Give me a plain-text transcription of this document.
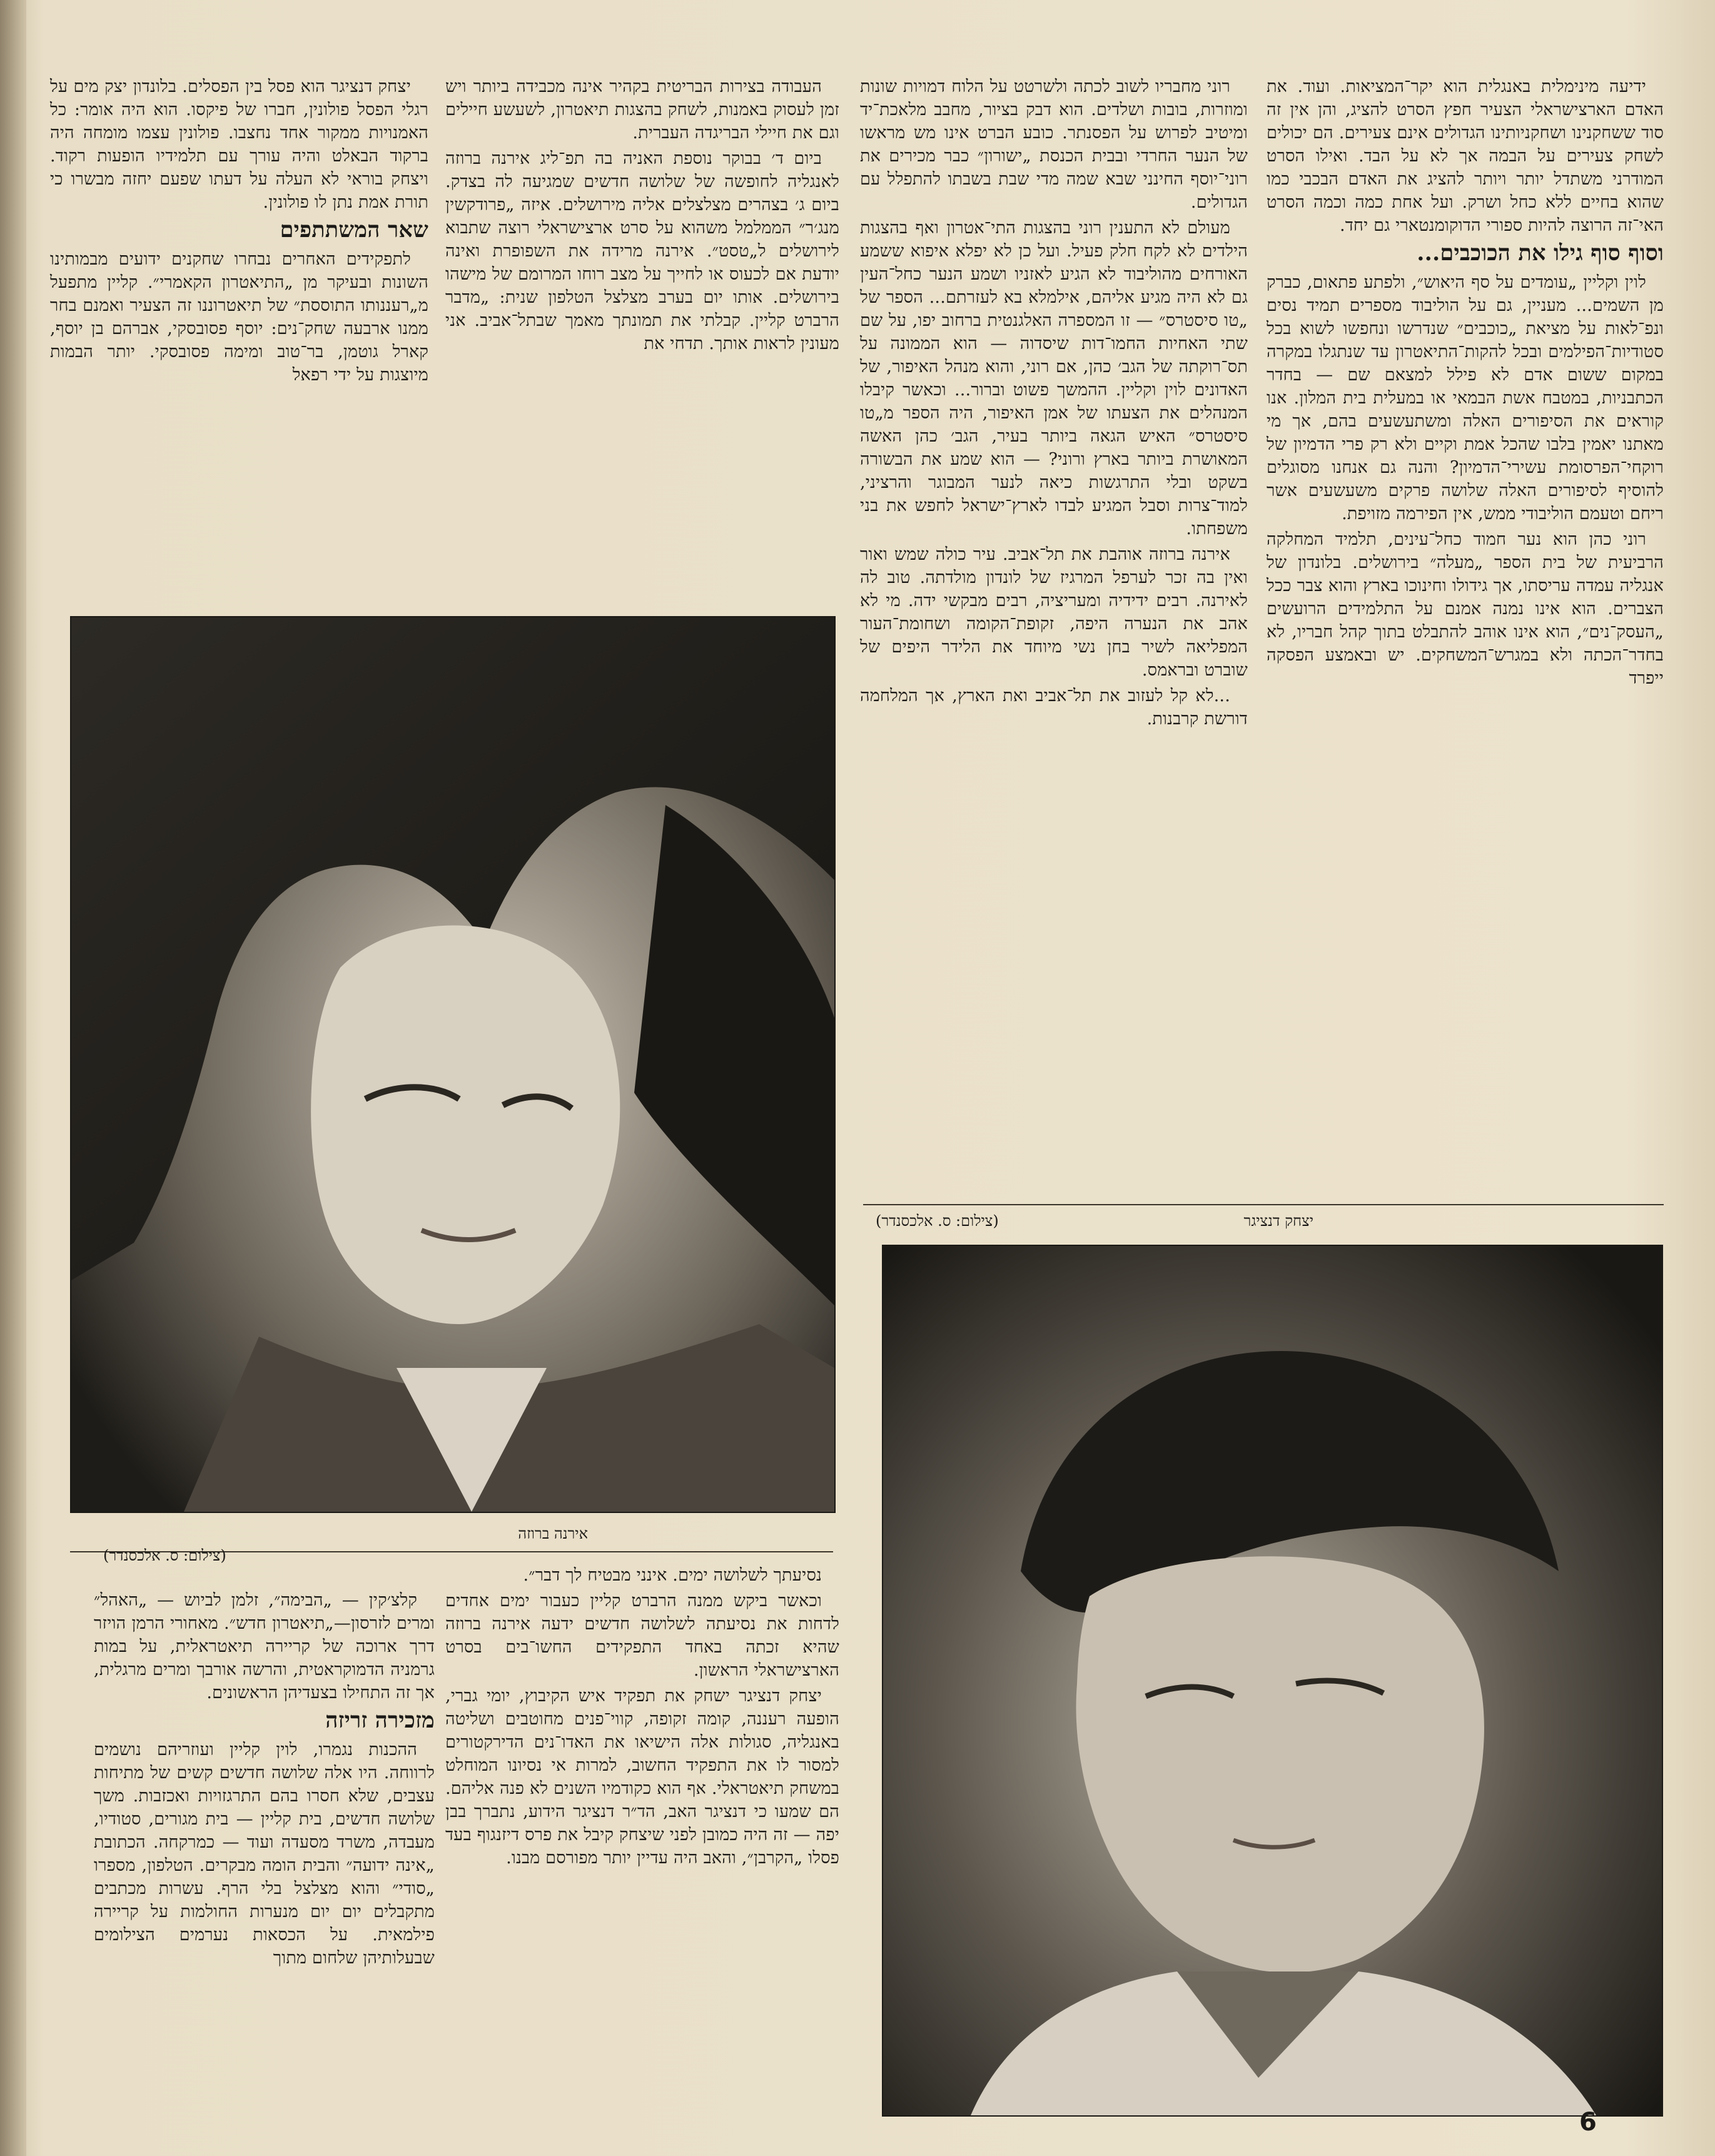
ידיעה מינימלית באנגלית הוא יקר־המציאות. ועוד. את האדם הארצישראלי הצעיר חפץ הסרט להציג, והן אין זה סוד ששחקנינו ושחקניותינו הגדולים אינם צעירים. הם יכולים לשחק צעירים על הבמה אך לא על הבד. ואילו הסרט המודרני משתדל יותר ויותר להציג את האדם הבכבי כמו שהוא בחיים ללא כחל ושרק. ועל אחת כמה וכמה הסרט האי־זה הרוצה להיות ספורי הדוקומנטארי גם יחד.

וסוף סוף גילו את הכוכבים...

לוין וקליין „עומדים על סף היאוש״, ולפתע פתאום, כברק מן השמים... מעניין, גם על הוליבוד מספרים תמיד נסים ונפ־לאות על מציאת „כוכבים״ שנדרשו ונחפשו לשוא בכל סטודיות־הפילמים ובכל להקות־התיאטרון עד שנתגלו במקרה במקום ששום אדם לא פילל למצאם שם — בחדר הכתבניות, במטבח אשת הבמאי או במעלית בית המלון. אנו קוראים את הסיפורים האלה ומשתעשעים בהם, אך מי מאתנו יאמין בלבו שהכל אמת וקיים ולא רק פרי הדמיון של רוקחי־הפרסומת עשירי־הדמיון? והנה גם אנחנו מסוגלים להוסיף לסיפורים האלה שלושה פרקים משעשעים אשר ריחם וטעמם הוליבודי ממש, אין הפירמה מזויפת.

רוני כהן הוא נער חמוד כחל־עינים, תלמיד המחלקה הרביעית של בית הספר „מעלה״ בירושלים. בלונדון של אנגליה עמדה עריסתו, אך גידולו וחינוכו בארץ והוא צבר ככל הצברים. הוא אינו נמנה אמנם על התלמידים הרועשים „העסק־נים״, הוא אינו אוהב להתבלט בתוך קהל חבריו, לא בחדר־הכתה ולא במגרש־המשחקים. יש ובאמצע הפסקה ייפרד

רוני מחבריו לשוב לכתה ולשרטט על הלוח דמויות שונות ומוזרות, בובות ושלדים. הוא דבק בציור, מחבב מלאכת־יד ומיטיב לפרוש על הפסנתר. כובע הברט אינו מש מראשו של הנער החרדי ובבית הכנסת „ישורון״ כבר מכירים את רוני־יוסף החינני שבא שמה מדי שבת בשבתו להתפלל עם הגדולים.

מעולם לא התענין רוני בהצגות התי־אטרון ואף בהצגות הילדים לא לקח חלק פעיל. ועל כן לא יפלא איפוא ששמע האורחים מהוליבוד לא הגיע לאזניו ושמע הנער כחל־העין גם לא היה מגיע אליהם, אילמלא בא לעזרתם... הספר של „טו סיסטרס״ — זו המספרה האלגנטית ברחוב יפו, על שם שתי האחיות החמו־דות שיסדוה — הוא הממונה על תס־רוקתה של הגב׳ כהן, אם רוני, והוא מנהל האיפור, של האדונים לוין וקליין. ההמשך פשוט וברור... וכאשר קיבלו המנהלים את הצעתו של אמן האיפור, היה הספר מ„טו סיסטרס״ האיש הגאה ביותר בעיר, הגב׳ כהן האשה המאושרת ביותר בארץ ורוני? — הוא שמע את הבשורה בשקט ובלי התרגשות כיאה לנער המבוגר והרציני, למוד־צרות וסבל המגיע לבדו לארץ־ישראל לחפש את בני משפחתו.

אירנה ברוזה אוהבת את תל־אביב. עיר כולה שמש ואור ואין בה זכר לערפל המרגיז של לונדון מולדתה. טוב לה לאירנה. רבים ידידיה ומעריציה, רבים מבקשי ידה. מי לא אהב את הנערה היפה, זקופת־הקומה ושחומת־העור המפליאה לשיר בחן נשי מיוחד את הלידר היפים של שוברט ובראמס.

...לא קל לעזוב את תל־אביב ואת הארץ, אך המלחמה דורשת קרבנות.

העבודה בצירות הבריטית בקהיר אינה מכבידה ביותר ויש זמן לעסוק באמנות, לשחק בהצגות תיאטרון, לשעשע חיילים וגם את חיילי הבריגדה העברית.

ביום ד׳ בבוקר נוספת האניה בה תפ־ליג אירנה ברוזה לאנגליה לחופשה של שלושה חדשים שמגיעה לה בצדק. ביום ג׳ בצהרים מצלצלים אליה מירושלים. איזה „פרודקשין מנג׳ר״ הממלמל משהוא על סרט ארצישראלי רוצה שתבוא לירושלים ל„טסט״. אירנה מרידה את השפופרת ואינה יודעת אם לכעוס או לחייך על מצב רוחו המרומם של מישהו בירושלים. אותו יום בערב מצלצל הטלפון שנית: „מדבר הרברט קליין. קבלתי את תמונתך מאמך שבתל־אביב. אני מעונין לראות אותך. תדחי את

יצחק דנציגר הוא פסל בין הפסלים. בלונדון יצק מים על רגלי הפסל פולונין, חברו של פיקסו. הוא היה אומר: כל האמנויות ממקור אחד נחצבו. פולונין עצמו מומחה היה ברקוד הבאלט והיה עורך עם תלמידיו הופעות רקוד. ויצחק בוראי לא העלה על דעתו שפעם יחזה מבשרו כי תורת אמת נתן לו פולונין.

שאר המשתתפים

לתפקידים האחרים נבחרו שחקנים ידועים מבמותינו השונות ובעיקר מן „התיאטרון הקאמרי״. קליין מתפעל מ„רעננותו התוססת״ של תיאטרוננו זה הצעיר ואמנם בחר ממנו ארבעה שחק־נים: יוסף פסובסקי, אברהם בן יוסף, קארל גוטמן, בר־טוב ומימה פסובסקי. יותר הבמות מיוצגות על ידי רפאל

יצחק דנציגר
(צילום: ס. אלכסנדר)
אירנה ברוזה
(צילום: ס. אלכסנדר)

נסיעתך לשלושה ימים. אינני מבטיח לך דבר״.

וכאשר ביקש ממנה הרברט קליין כעבור ימים אחדים לדחות את נסיעתה לשלושה חדשים ידעה אירנה ברוזה שהיא זכתה באחד התפקידים החשו־בים בסרט הארצישראלי הראשון.

יצחק דנציגר ישחק את תפקיד איש הקיבוץ, יומי גברי, הופעה רעננה, קומה זקופה, קווי־פנים מחוטבים ושליטה באנגליה, סגולות אלה הישיאו את האדו־נים הדירקטורים למסור לו את התפקיד החשוב, למרות אי נסיונו המוחלט במשחק תיאטראלי. אף הוא כקודמיו השנים לא פנה אליהם. הם שמעו כי דנציגר האב, הד״ר דנציגר הידוע, נתברך בבן יפה — זה היה כמובן לפני שיצחק קיבל את פרס דיזנגוף בעד פסלו „הקרבן״, והאב היה עדיין יותר מפורסם מבנו.

קלצ׳קין — „הבימה״, זלמן לביוש — „האהל״ ומרים לזרסון—„תיאטרון חדש״. מאחורי הרמן הויזר דרך ארוכה של קריירה תיאטראלית, על במות גרמניה הדמוקראטית, והרשה אורבך ומרים מרגלית, אך זה התחילו בצעדיהן הראשונים.

מזכירה זריזה

ההכנות נגמרו, לוין קליין ועוזריהם נושמים לרווחה. היו אלה שלושה חדשים קשים של מתיחות עצבים, שלא חסרו בהם התרגזויות ואכזבות. משך שלושה חדשים, בית קליין — בית מגורים, סטודיו, מעבדה, משרד מסעדה ועוד — כמרקחה. הכתובת „אינה ידועה״ והבית הומה מבקרים. הטלפון, מספרו „סודי״ והוא מצלצל בלי הרף. עשרות מכתבים מתקבלים יום יום מנערות החולמות על קריירה פילמאית. על הכסאות נערמים הצילומים שבעלותיהן שלחום מתוך

6
